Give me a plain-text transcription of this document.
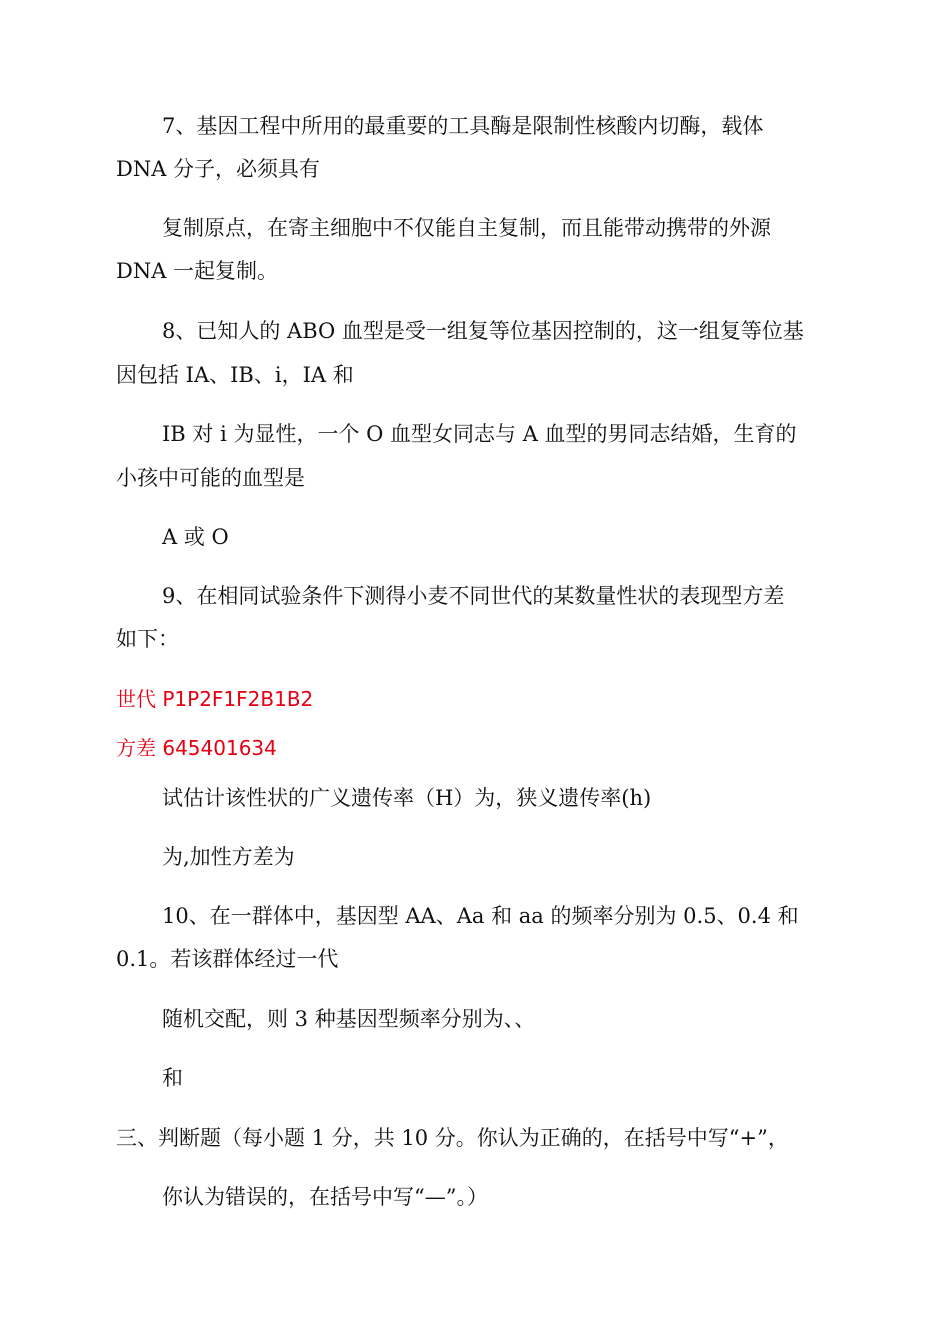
7、基因工程中所用的最重要的工具酶是限制性核酸内切酶，载体

DNA 分子，必须具有

复制原点，在寄主细胞中不仅能自主复制，而且能带动携带的外源

DNA 一起复制。

8、已知人的 ABO 血型是受一组复等位基因控制的，这一组复等位基

因包括 IA、IB、i，IA 和

IB 对 i 为显性，一个 O 血型女同志与 A 血型的男同志结婚，生育的

小孩中可能的血型是

A 或 O

9、在相同试验条件下测得小麦不同世代的某数量性状的表现型方差

如下：

世代 P1P2F1F2B1B2

方差 645401634

试估计该性状的广义遗传率（H）为，狭义遗传率(h)

为,加性方差为

10、在一群体中，基因型 AA、Aa 和 aa 的频率分别为 0.5、0.4 和

0.1。若该群体经过一代

随机交配，则 3 种基因型频率分别为、、

和

三、判断题（每小题 1 分，共 10 分。你认为正确的，在括号中写“+”，

你认为错误的，在括号中写“—”。）
